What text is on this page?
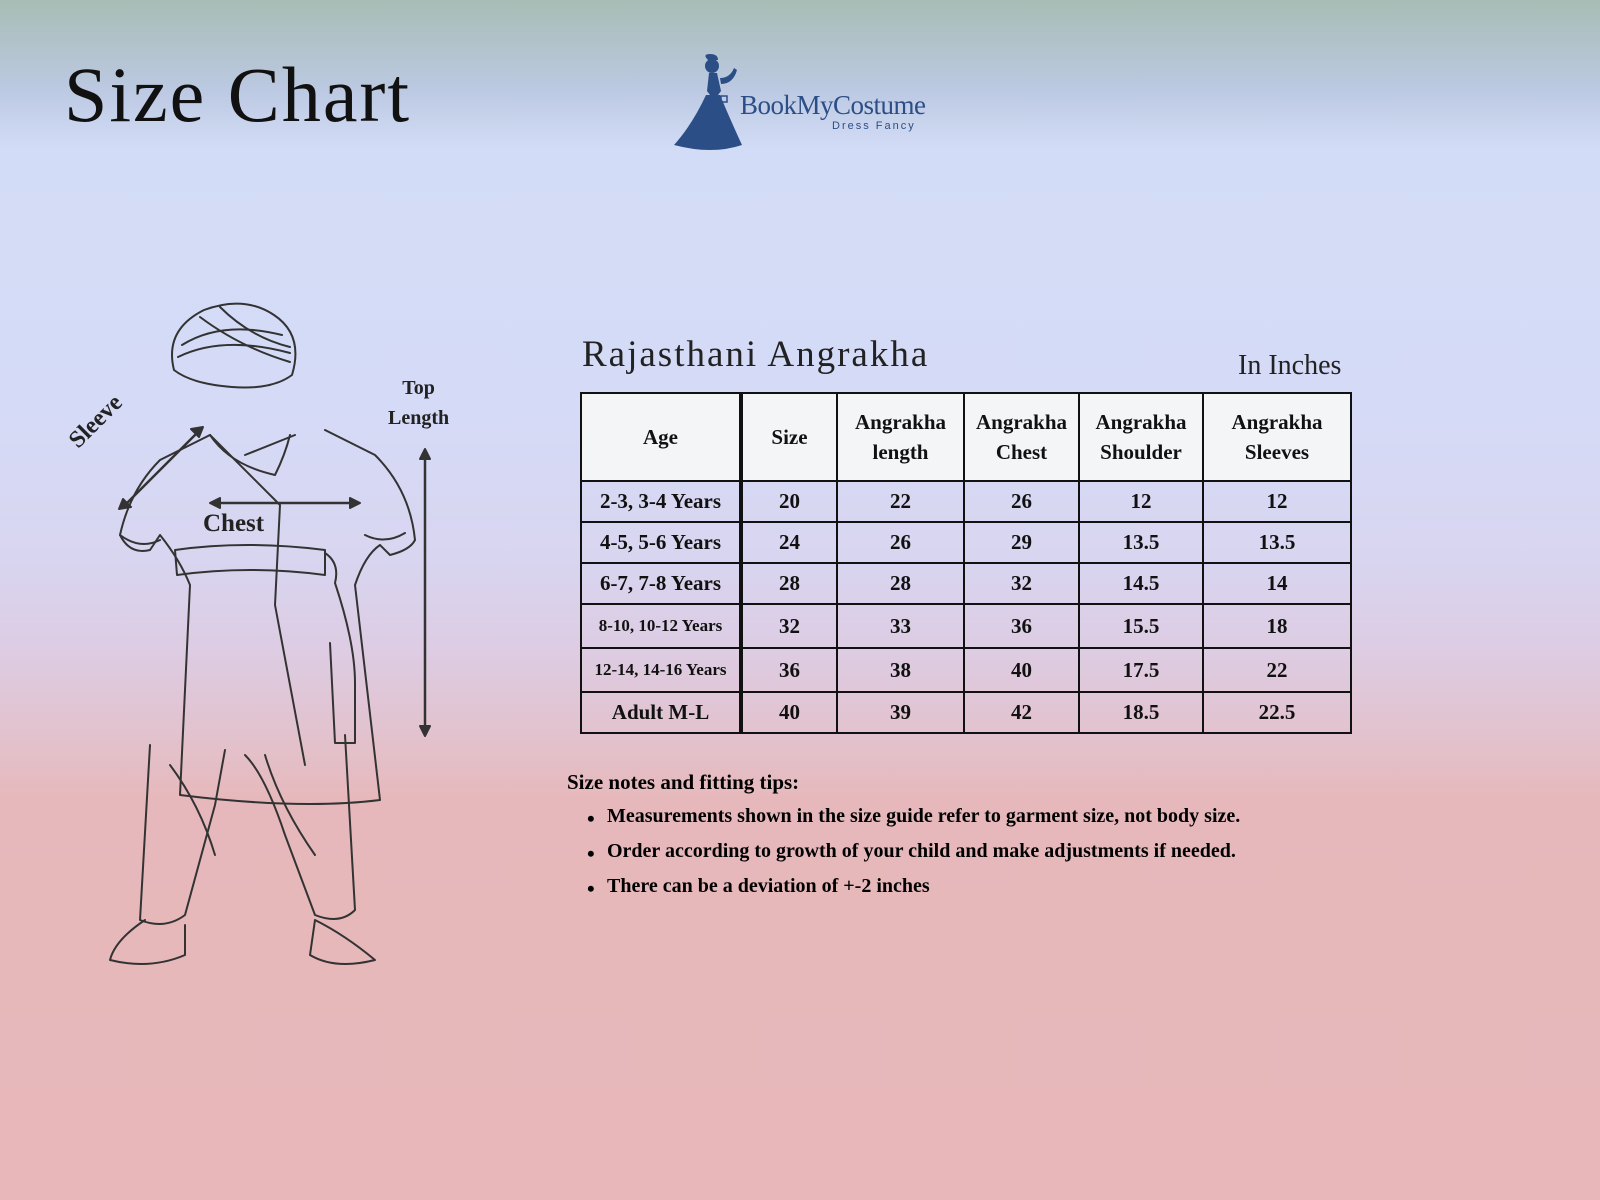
Size Chart	BookMyCostume
Dress Fancy
Sleeve
Chest
Top
Length
Rajasthani Angrakha	In Inches
Age	Size	Angrakha length	Angrakha Chest	Angrakha Shoulder	Angrakha Sleeves
2-3, 3-4 Years	20	22	26	12	12
4-5, 5-6 Years	24	26	29	13.5	13.5
6-7, 7-8 Years	28	28	32	14.5	14
8-10, 10-12 Years	32	33	36	15.5	18
12-14, 14-16 Years	36	38	40	17.5	22
Adult M-L	40	39	42	18.5	22.5

Size notes and fitting tips:

• Measurements shown in the size guide refer to garment size, not body size.
• Order according to growth of your child and make adjustments if needed.
• There can be a deviation of +-2 inches
